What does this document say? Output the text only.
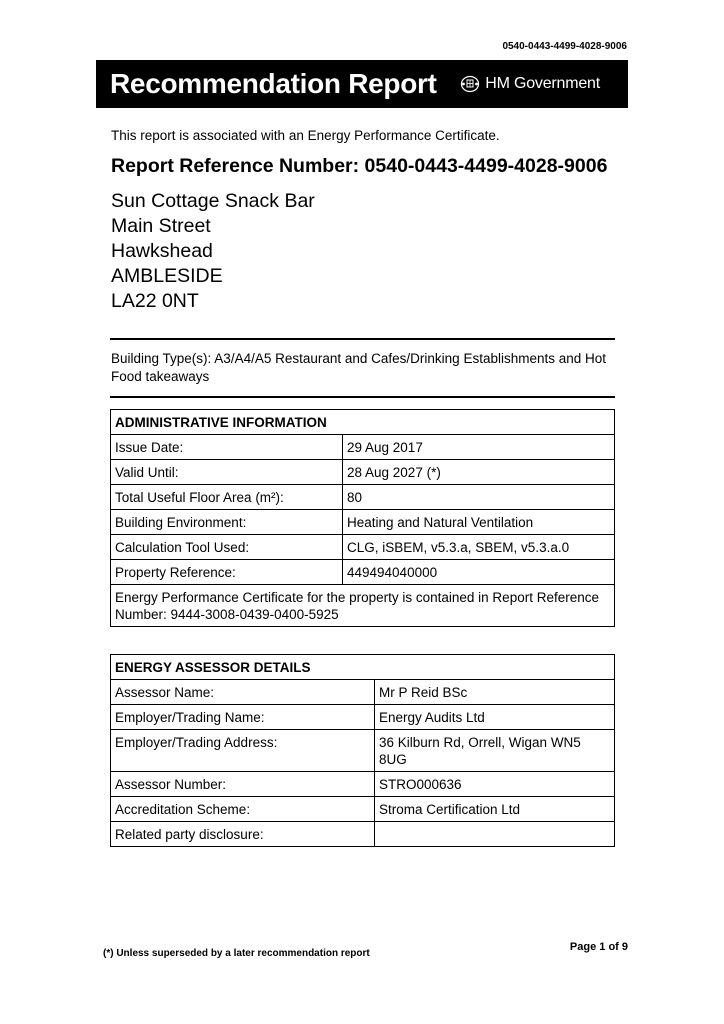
0540-0443-4499-4028-9006
Recommendation Report	HM Government
This report is associated with an Energy Performance Certificate.
Report Reference Number: 0540-0443-4499-4028-9006
Sun Cottage Snack Bar
Main Street
Hawkshead
AMBLESIDE
LA22 0NT
Building Type(s): A3/A4/A5 Restaurant and Cafes/Drinking Establishments and Hot Food takeaways
ADMINISTRATIVE INFORMATION	
Issue Date:	29 Aug 2017
Valid Until:	28 Aug 2027 (*)
Total Useful Floor Area (m²):	80
Building Environment:	Heating and Natural Ventilation
Calculation Tool Used:	CLG, iSBEM, v5.3.a, SBEM, v5.3.a.0
Property Reference:	449494040000
Energy Performance Certificate for the property is contained in Report Reference Number: 9444-3008-0439-0400-5925	
ENERGY ASSESSOR DETAILS	
Assessor Name:	Mr P Reid BSc
Employer/Trading Name:	Energy Audits Ltd
Employer/Trading Address:	36 Kilburn Rd, Orrell, Wigan WN5 8UG
Assessor Number:	STRO000636
Accreditation Scheme:	Stroma Certification Ltd
Related party disclosure:	
(*) Unless superseded by a later recommendation report
Page 1 of 9
